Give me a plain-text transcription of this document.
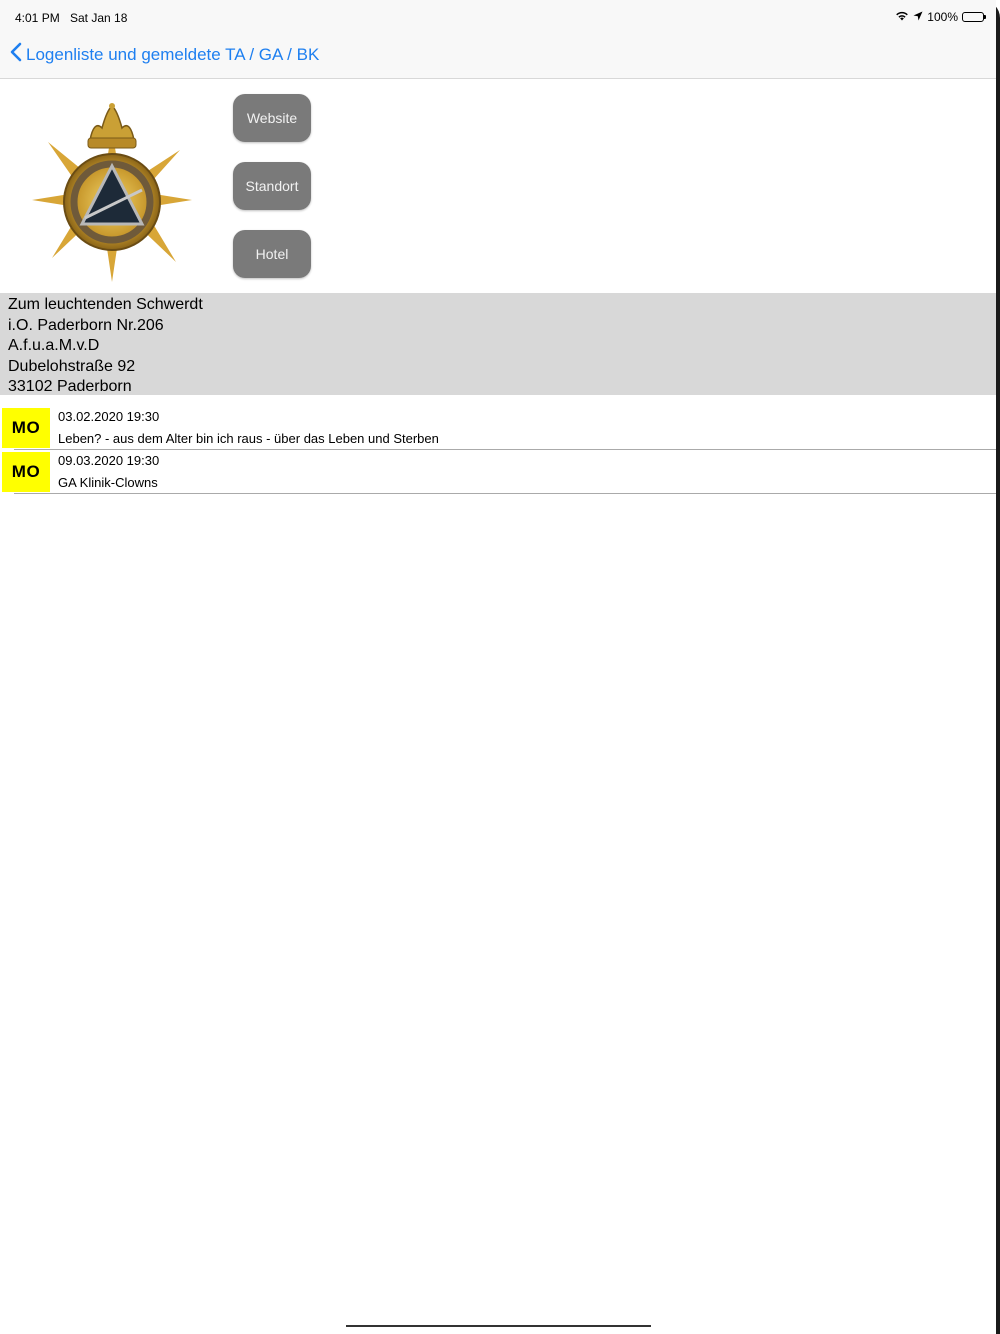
4:01 PM Sat Jan 18	100%
Logenliste und gemeldete TA / GA / BK
Website
Standort
Hotel
Zum leuchtenden Schwerdt
i.O. Paderborn Nr.206
A.f.u.a.M.v.D
Dubelohstraße 92
33102 Paderborn
MO
03.02.2020 19:30
Leben? - aus dem Alter bin ich raus - über das Leben und Sterben
MO
09.03.2020 19:30
GA Klinik-Clowns
